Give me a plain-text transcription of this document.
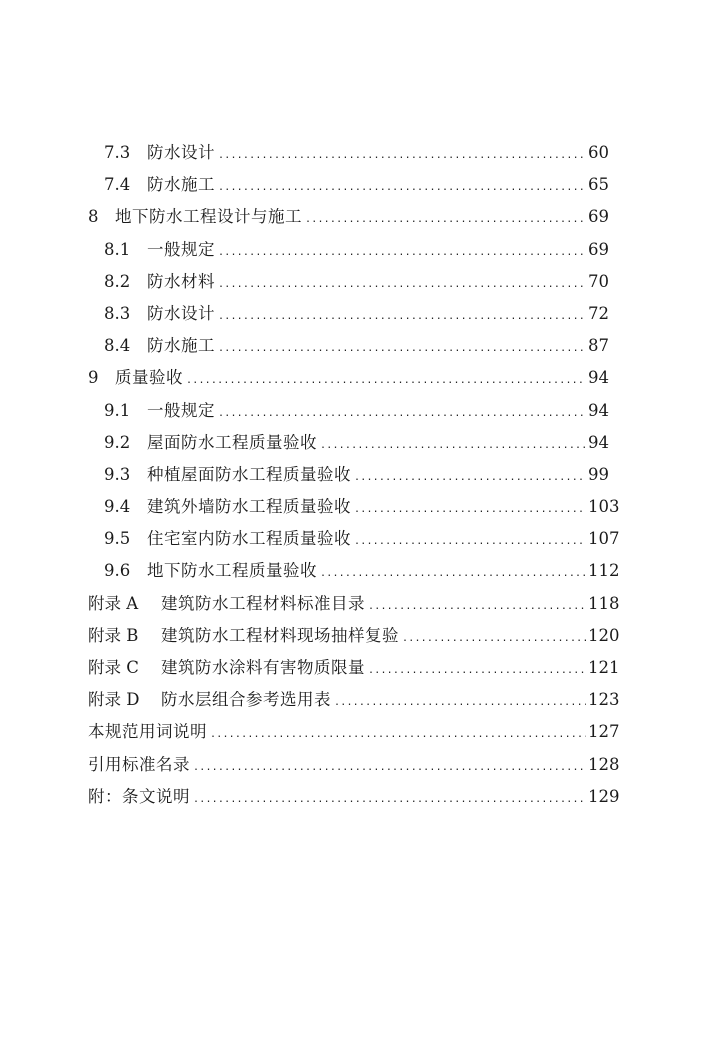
7.3	防水设计 .....	60
7.4	防水施工 .....	65
8	地下防水工程设计与施工 .....	69
8.1	一般规定 .....	69
8.2	防水材料 .....	70
8.3	防水设计 .....	72
8.4	防水施工 .....	87
9	质量验收 .....	94
9.1	一般规定 .....	94
9.2	屋面防水工程质量验收 .....	94
9.3	种植屋面防水工程质量验收 .....	99
9.4	建筑外墙防水工程质量验收 .....	103
9.5	住宅室内防水工程质量验收 .....	107
9.6	地下防水工程质量验收 .....	112
附录 A	建筑防水工程材料标准目录 .....	118
附录 B	建筑防水工程材料现场抽样复验 .....	120
附录 C	建筑防水涂料有害物质限量 .....	121
附录 D	防水层组合参考选用表 .....	123
本规范用词说明 .....	127
引用标准名录 .....	128
附：条文说明 .....	129
